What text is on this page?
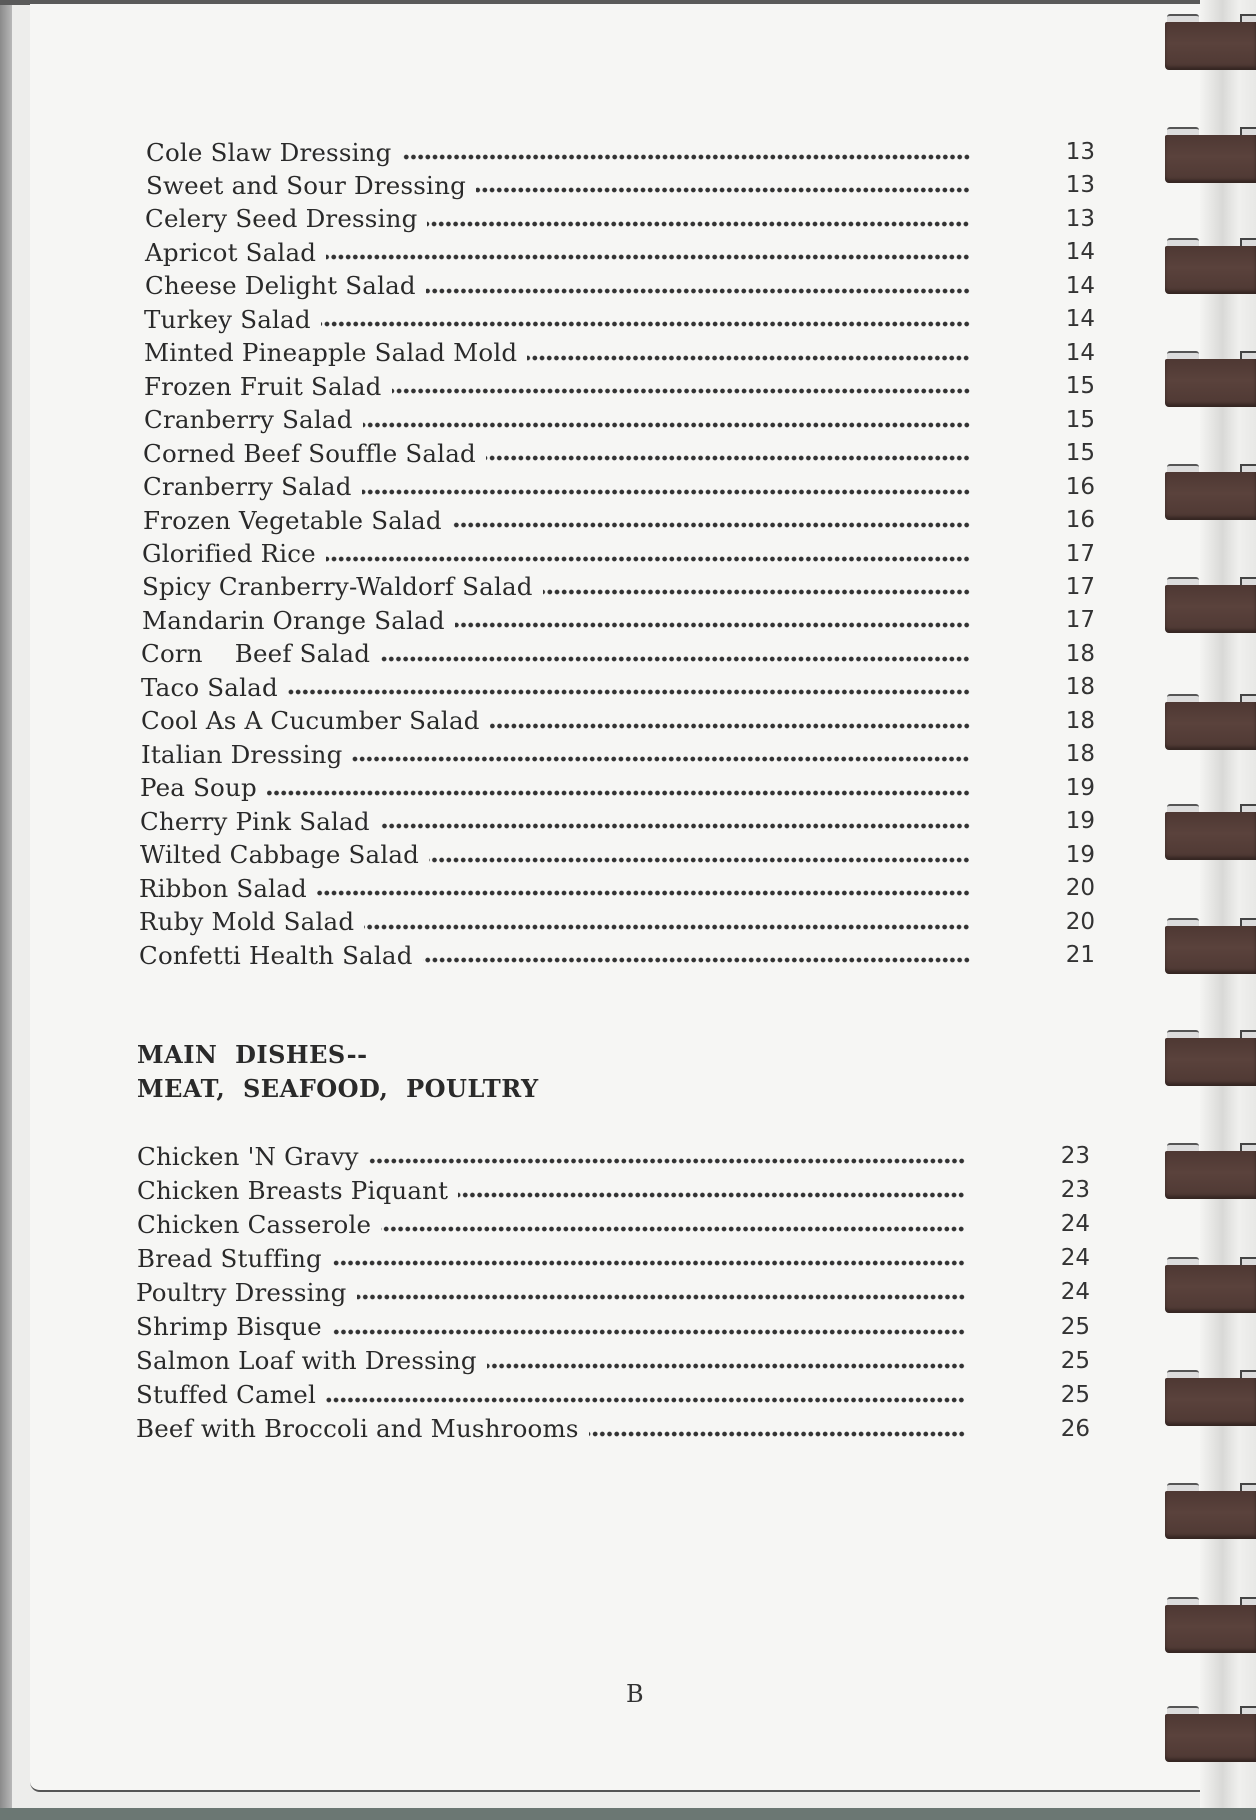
Cole Slaw Dressing	13
Sweet and Sour Dressing	13
Celery Seed Dressing	13
Apricot Salad	14
Cheese Delight Salad	14
Turkey Salad	14
Minted Pineapple Salad Mold	14
Frozen Fruit Salad	15
Cranberry Salad	15
Corned Beef Souffle Salad	15
Cranberry Salad	16
Frozen Vegetable Salad	16
Glorified Rice	17
Spicy Cranberry-Waldorf Salad	17
Mandarin Orange Salad	17
Corn    Beef Salad	18
Taco Salad	18
Cool As A Cucumber Salad	18
Italian Dressing	18
Pea Soup	19
Cherry Pink Salad	19
Wilted Cabbage Salad	19
Ribbon Salad	20
Ruby Mold Salad	20
Confetti Health Salad	21
Chicken 'N Gravy	23
Chicken Breasts Piquant	23
Chicken Casserole	24
Bread Stuffing	24
Poultry Dressing	24
Shrimp Bisque	25
Salmon Loaf with Dressing	25
Stuffed Camel	25
Beef with Broccoli and Mushrooms	26
MAIN  DISHES--
MEAT,  SEAFOOD,  POULTRY
B
